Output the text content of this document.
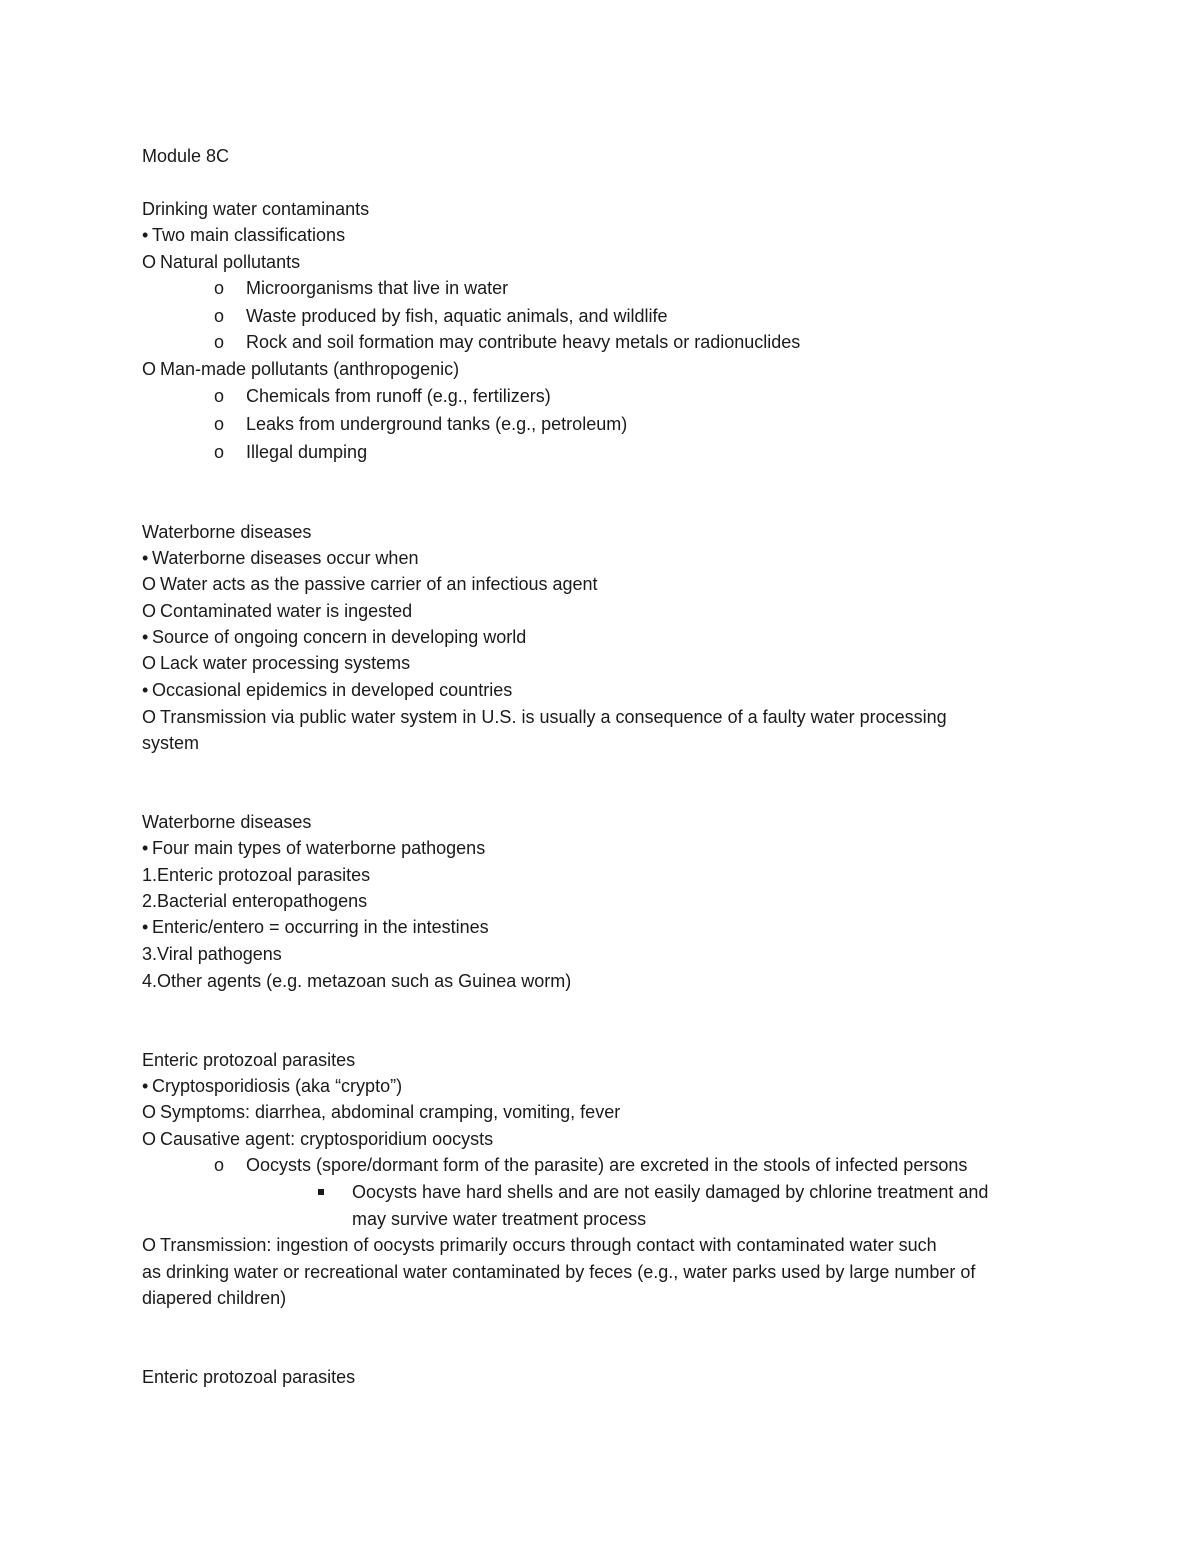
Module 8C
Drinking water contaminants
• Two main classifications
O Natural pollutants
o Microorganisms that live in water
o Waste produced by fish, aquatic animals, and wildlife
o Rock and soil formation may contribute heavy metals or radionuclides
O Man-made pollutants (anthropogenic)
o Chemicals from runoff (e.g., fertilizers)
o Leaks from underground tanks (e.g., petroleum)
o Illegal dumping
Waterborne diseases
• Waterborne diseases occur when
O Water acts as the passive carrier of an infectious agent
O Contaminated water is ingested
• Source of ongoing concern in developing world
O Lack water processing systems
• Occasional epidemics in developed countries
O Transmission via public water system in U.S. is usually a consequence of a faulty water processing
system
Waterborne diseases
• Four main types of waterborne pathogens
1.Enteric protozoal parasites
2.Bacterial enteropathogens
• Enteric/entero = occurring in the intestines
3.Viral pathogens
4.Other agents (e.g. metazoan such as Guinea worm)
Enteric protozoal parasites
• Cryptosporidiosis (aka “crypto”)
O Symptoms: diarrhea, abdominal cramping, vomiting, fever
O Causative agent: cryptosporidium oocysts
o Oocysts (spore/dormant form of the parasite) are excreted in the stools of infected persons
Oocysts have hard shells and are not easily damaged by chlorine treatment and
may survive water treatment process
O Transmission: ingestion of oocysts primarily occurs through contact with contaminated water such
as drinking water or recreational water contaminated by feces (e.g., water parks used by large number of
diapered children)
Enteric protozoal parasites
